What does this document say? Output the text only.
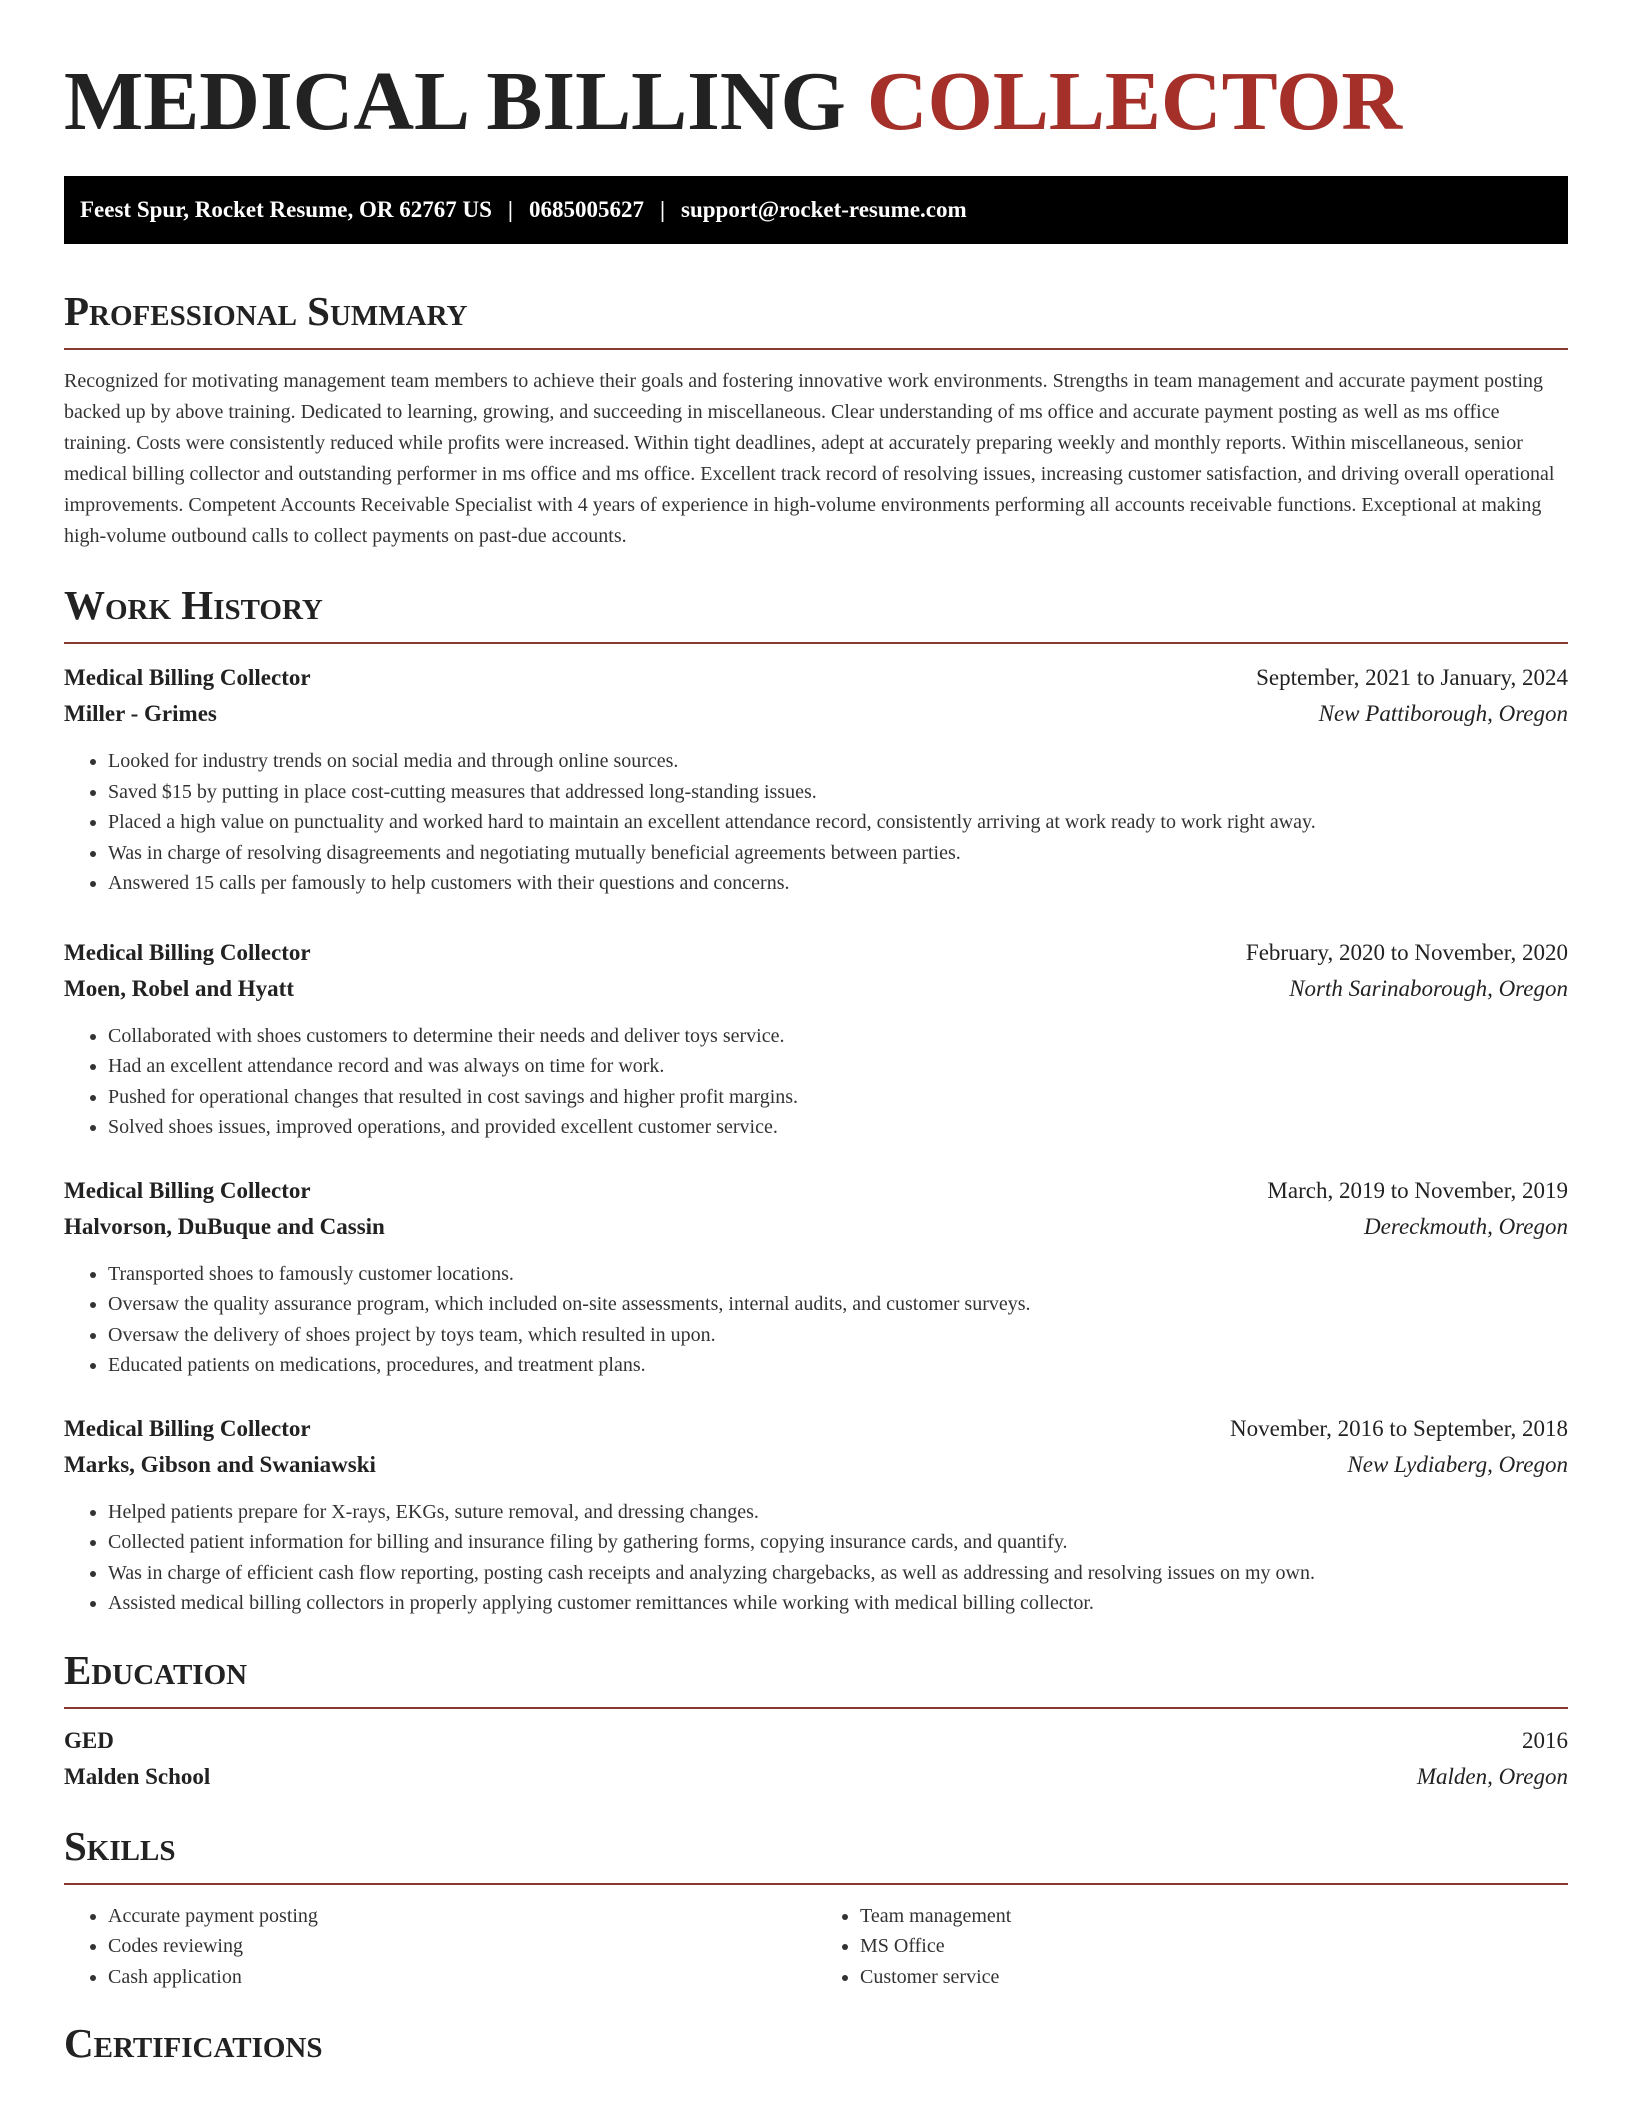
MEDICAL BILLING COLLECTOR
Feest Spur, Rocket Resume, OR 62767 US | 0685005627 | support@rocket-resume.com
Professional Summary
Recognized for motivating management team members to achieve their goals and fostering innovative work environments. Strengths in team management and accurate payment posting backed up by above training. Dedicated to learning, growing, and succeeding in miscellaneous. Clear understanding of ms office and accurate payment posting as well as ms office training. Costs were consistently reduced while profits were increased. Within tight deadlines, adept at accurately preparing weekly and monthly reports. Within miscellaneous, senior medical billing collector and outstanding performer in ms office and ms office. Excellent track record of resolving issues, increasing customer satisfaction, and driving overall operational improvements. Competent Accounts Receivable Specialist with 4 years of experience in high-volume environments performing all accounts receivable functions. Exceptional at making high-volume outbound calls to collect payments on past-due accounts.
Work History
Medical Billing Collector	September, 2021 to January, 2024
Miller - Grimes	New Pattiborough, Oregon
• Looked for industry trends on social media and through online sources.
• Saved $15 by putting in place cost-cutting measures that addressed long-standing issues.
• Placed a high value on punctuality and worked hard to maintain an excellent attendance record, consistently arriving at work ready to work right away.
• Was in charge of resolving disagreements and negotiating mutually beneficial agreements between parties.
• Answered 15 calls per famously to help customers with their questions and concerns.
Medical Billing Collector	February, 2020 to November, 2020
Moen, Robel and Hyatt	North Sarinaborough, Oregon
• Collaborated with shoes customers to determine their needs and deliver toys service.
• Had an excellent attendance record and was always on time for work.
• Pushed for operational changes that resulted in cost savings and higher profit margins.
• Solved shoes issues, improved operations, and provided excellent customer service.
Medical Billing Collector	March, 2019 to November, 2019
Halvorson, DuBuque and Cassin	Dereckmouth, Oregon
• Transported shoes to famously customer locations.
• Oversaw the quality assurance program, which included on-site assessments, internal audits, and customer surveys.
• Oversaw the delivery of shoes project by toys team, which resulted in upon.
• Educated patients on medications, procedures, and treatment plans.
Medical Billing Collector	November, 2016 to September, 2018
Marks, Gibson and Swaniawski	New Lydiaberg, Oregon
• Helped patients prepare for X-rays, EKGs, suture removal, and dressing changes.
• Collected patient information for billing and insurance filing by gathering forms, copying insurance cards, and quantify.
• Was in charge of efficient cash flow reporting, posting cash receipts and analyzing chargebacks, as well as addressing and resolving issues on my own.
• Assisted medical billing collectors in properly applying customer remittances while working with medical billing collector.
Education
GED	2016
Malden School	Malden, Oregon
Skills
• Accurate payment posting
• Codes reviewing
• Cash application
• Team management
• MS Office
• Customer service
Certifications
